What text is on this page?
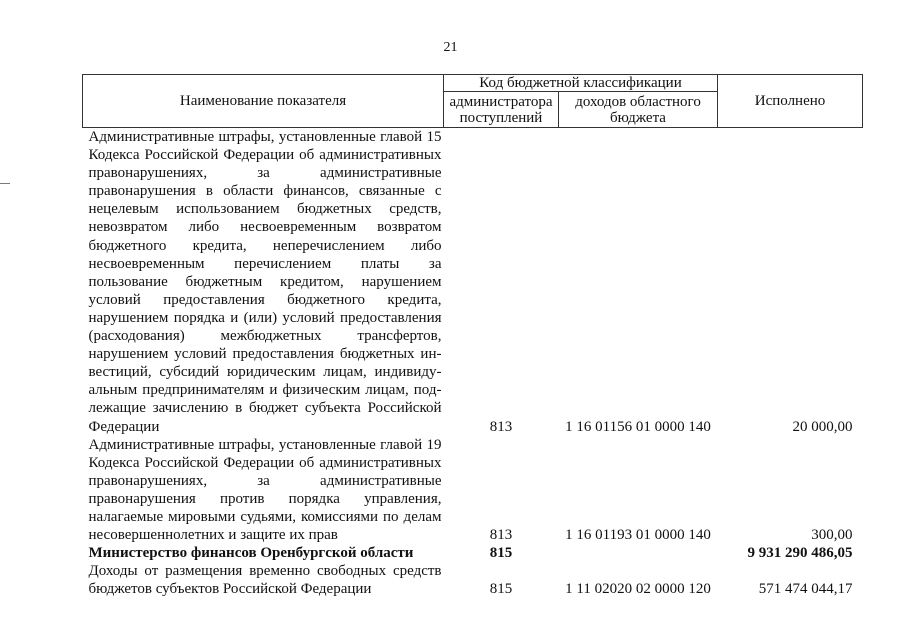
21
Наименование показателя	Код бюджетной классификации		Исполнено
	администратора поступлений	доходов областного бюджета	
Административные штрафы, установленные главой 15 Кодекса Российской Федерации об административных правонарушениях, за административные правонарушения в области финансов, связанные с нецелевым использованием бюджетных средств, невозвратом либо несвоевременным возвратом бюджетного кредита, неперечислением либо несвоевременным перечислением платы за пользование бюджетным кредитом, нарушением условий предоставления бюджетного кредита, нарушением порядка и (или) условий предоставления (расходования) межбюджетных трансфертов, нарушением условий предоставления бюджетных инвестиций, субсидий юридическим лицам, индивидуальным предпринимателям и физическим лицам, подлежащие зачислению в бюджет субъекта Российской Федерации	813	1 16 01156 01 0000 140	20 000,00
Административные штрафы, установленные главой 19 Кодекса Российской Федерации об административных правонарушениях, за административные правонарушения против порядка управления, налагаемые мировыми судьями, комиссиями по делам несовершеннолетних и защите их прав	813	1 16 01193 01 0000 140	300,00
Министерство финансов Оренбургской области	815		9 931 290 486,05
Доходы от размещения временно свободных средств бюджетов субъектов Российской Федерации	815	1 11 02020 02 0000 120	571 474 044,17
